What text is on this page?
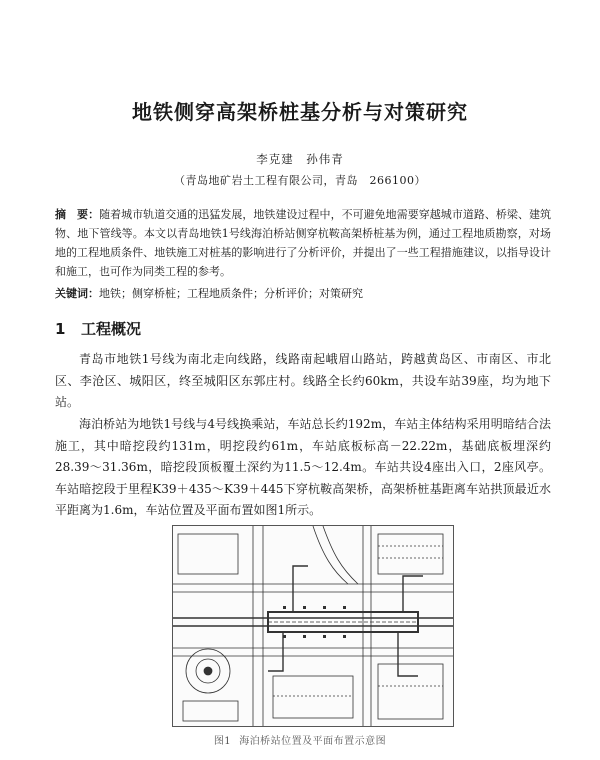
地铁侧穿高架桥桩基分析与对策研究
李克建　孙伟青
（青岛地矿岩土工程有限公司，青岛　266100）
摘　要：随着城市轨道交通的迅猛发展，地铁建设过程中，不可避免地需要穿越城市道路、桥梁、建筑物、地下管线等。本文以青岛地铁1号线海泊桥站侧穿杭鞍高架桥桩基为例，通过工程地质勘察，对场地的工程地质条件、地铁施工对桩基的影响进行了分析评价，并提出了一些工程措施建议，以指导设计和施工，也可作为同类工程的参考。
关键词：地铁；侧穿桥桩；工程地质条件；分析评价；对策研究
1 工程概况
青岛市地铁1号线为南北走向线路，线路南起峨眉山路站，跨越黄岛区、市南区、市北区、李沧区、城阳区，终至城阳区东郭庄村。线路全长约60km，共设车站39座，均为地下站。
海泊桥站为地铁1号线与4号线换乘站，车站总长约192m，车站主体结构采用明暗结合法施工，其中暗挖段约131m，明挖段约61m，车站底板标高－22.22m，基础底板埋深约28.39～31.36m，暗挖段顶板覆土深约为11.5～12.4m。车站共设4座出入口，2座风亭。车站暗挖段于里程K39＋435～K39＋445下穿杭鞍高架桥，高架桥桩基距离车站拱顶最近水平距离为1.6m，车站位置及平面布置如图1所示。
图1 海泊桥站位置及平面布置示意图
